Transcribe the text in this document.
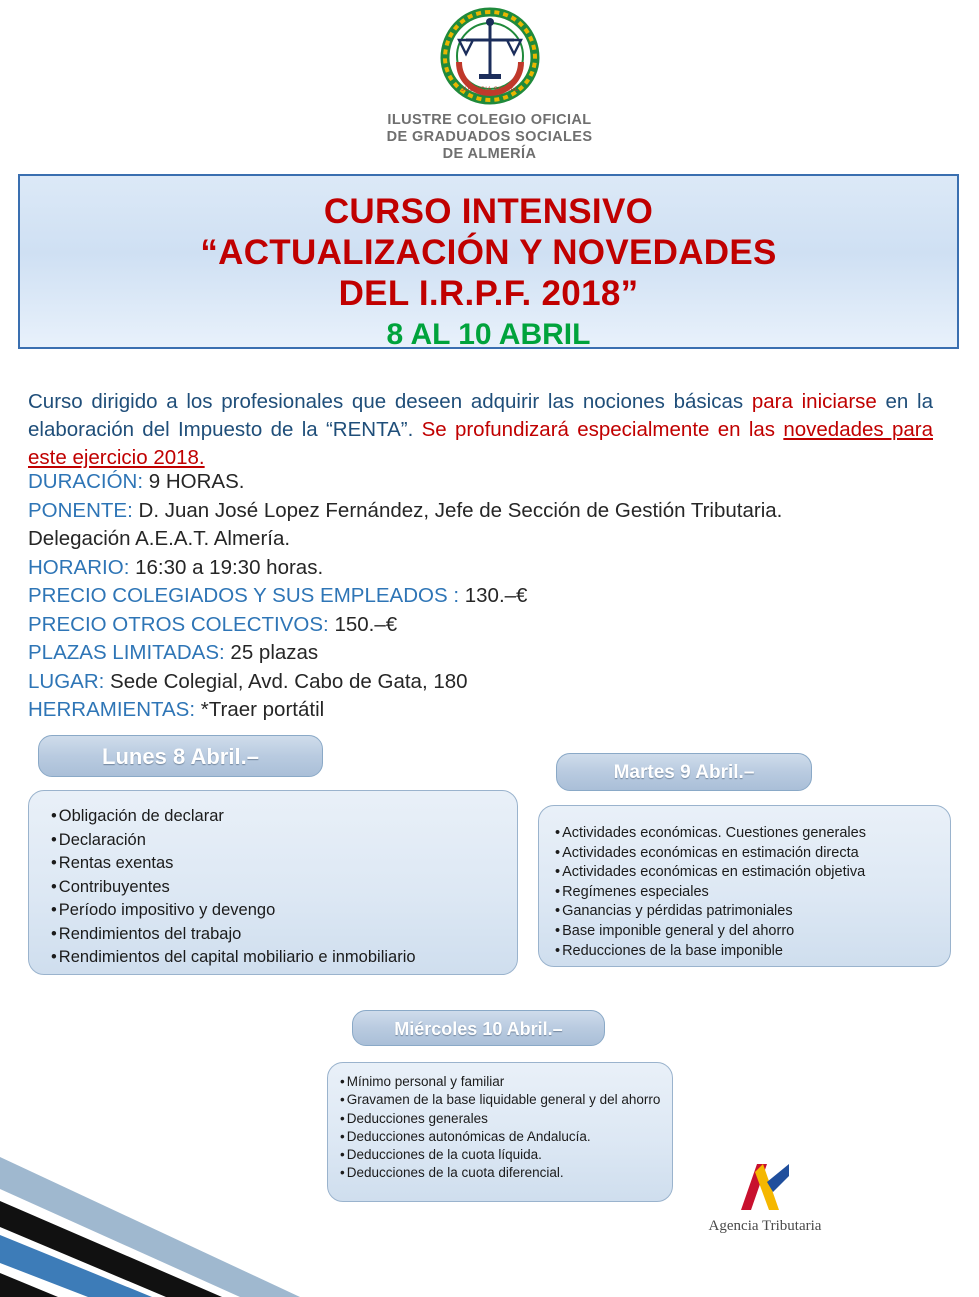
JUSTICIA SOCIAL
ILUSTRE COLEGIO OFICIAL
DE GRADUADOS SOCIALES
DE ALMERÍA
CURSO INTENSIVO
“ACTUALIZACIÓN Y NOVEDADES
DEL I.R.P.F. 2018”
8 AL 10 ABRIL

Curso dirigido a los profesionales que deseen adquirir las nociones básicas para iniciarse en la elaboración del Impuesto de la “RENTA”. Se profundizará especialmente en las novedades para este ejercicio 2018.

DURACIÓN: 9 HORAS.
PONENTE: D. Juan José Lopez Fernández, Jefe de Sección de Gestión Tributaria.
Delegación A.E.A.T. Almería.
HORARIO: 16:30 a 19:30 horas.
PRECIO COLEGIADOS Y SUS EMPLEADOS : 130.–€
PRECIO OTROS COLECTIVOS: 150.–€
PLAZAS LIMITADAS: 25 plazas
LUGAR: Sede Colegial, Avd. Cabo de Gata, 180
HERRAMIENTAS: *Traer portátil
Lunes 8 Abril.–
• Obligación de declarar
• Declaración
• Rentas exentas
• Contribuyentes
• Período impositivo y devengo
• Rendimientos del trabajo
• Rendimientos del capital mobiliario e inmobiliario
Martes 9 Abril.–
• Actividades económicas. Cuestiones generales
• Actividades económicas en estimación directa
• Actividades económicas en estimación objetiva
• Regímenes especiales
• Ganancias y pérdidas patrimoniales
• Base imponible general y del ahorro
• Reducciones de la base imponible
Miércoles 10 Abril.–
• Mínimo personal y familiar
• Gravamen de la base liquidable general y del ahorro
• Deducciones generales
• Deducciones autonómicas de Andalucía.
• Deducciones de la cuota líquida.
• Deducciones de la cuota diferencial.
Agencia Tributaria
